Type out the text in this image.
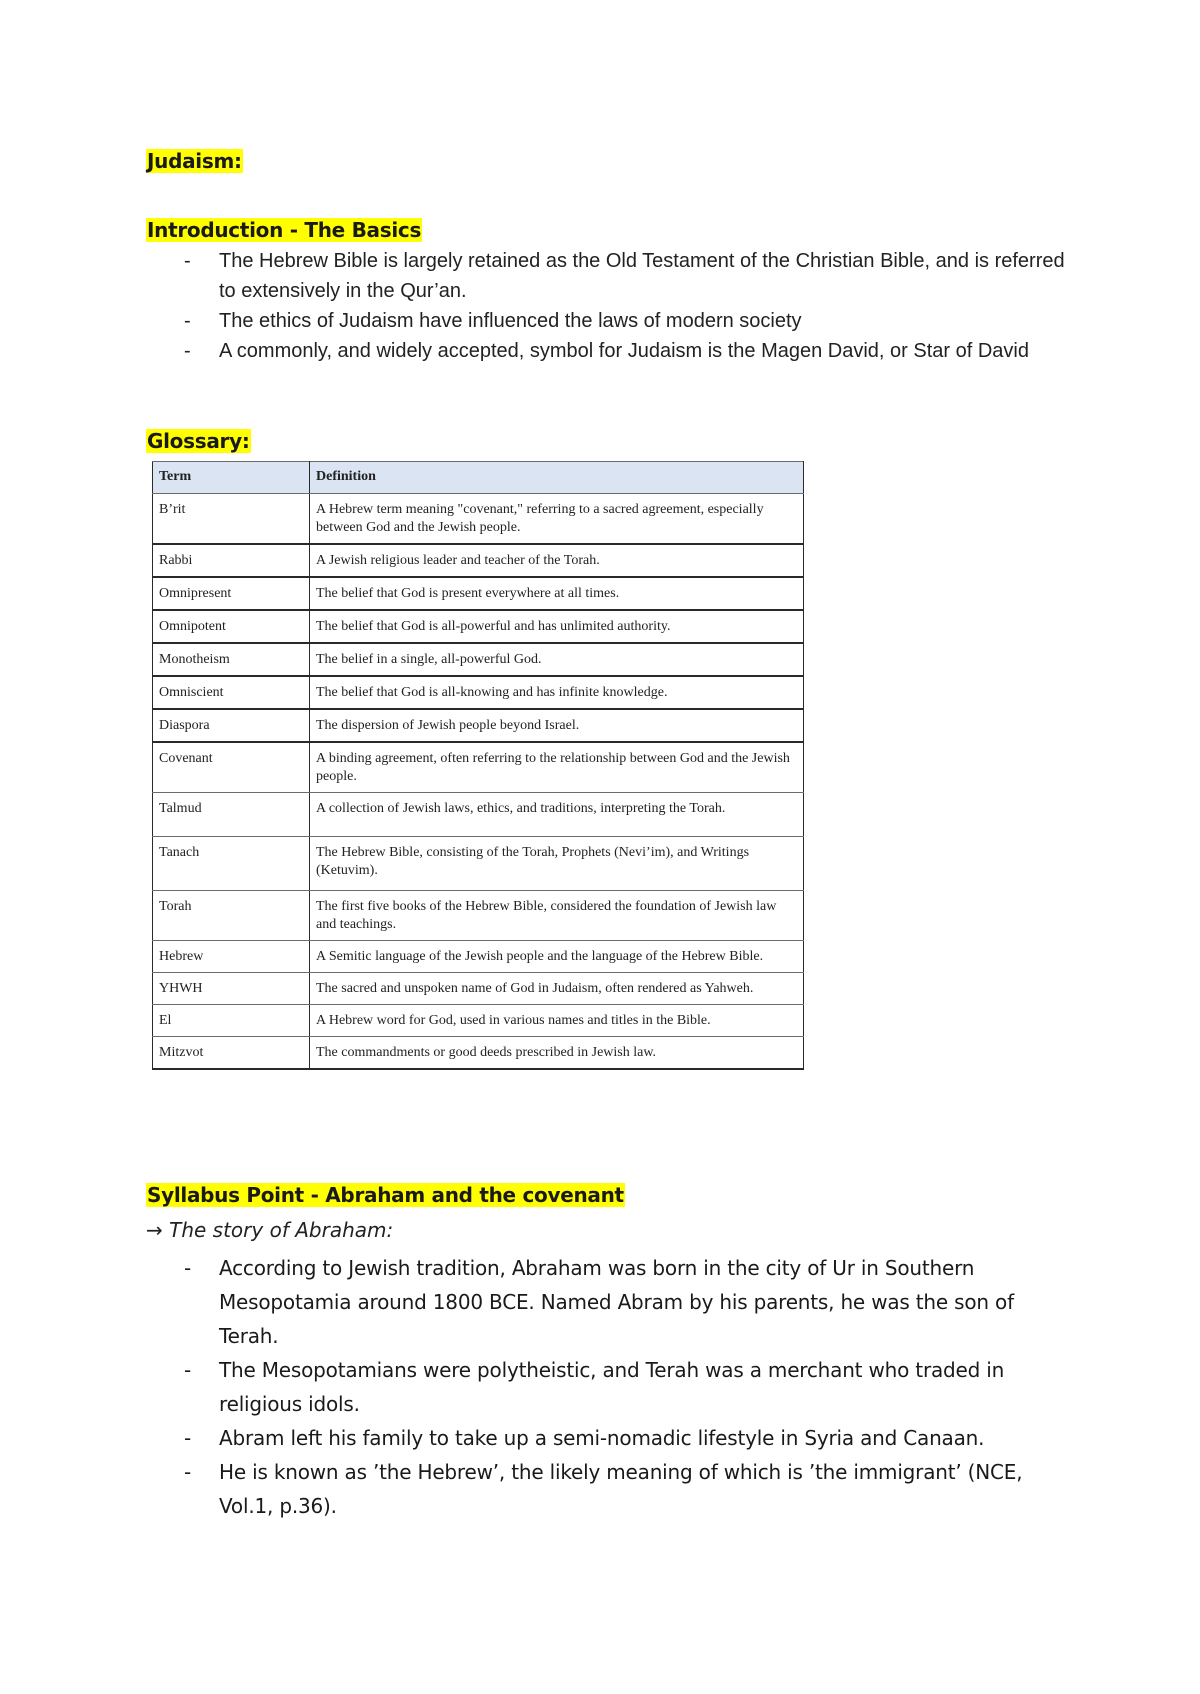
Judaism:

Introduction - The Basics

- The Hebrew Bible is largely retained as the Old Testament of the Christian Bible, and is referred to extensively in the Qur’an.
- The ethics of Judaism have influenced the laws of modern society
- A commonly, and widely accepted, symbol for Judaism is the Magen David, or Star of David

Glossary:

Term	Definition
B’rit	A Hebrew term meaning "covenant," referring to a sacred agreement, especially between God and the Jewish people.
Rabbi	A Jewish religious leader and teacher of the Torah.
Omnipresent	The belief that God is present everywhere at all times.
Omnipotent	The belief that God is all-powerful and has unlimited authority.
Monotheism	The belief in a single, all-powerful God.
Omniscient	The belief that God is all-knowing and has infinite knowledge.
Diaspora	The dispersion of Jewish people beyond Israel.
Covenant	A binding agreement, often referring to the relationship between God and the Jewish people.
Talmud	A collection of Jewish laws, ethics, and traditions, interpreting the Torah.
Tanach	The Hebrew Bible, consisting of the Torah, Prophets (Nevi’im), and Writings (Ketuvim).
Torah	The first five books of the Hebrew Bible, considered the foundation of Jewish law and teachings.
Hebrew	A Semitic language of the Jewish people and the language of the Hebrew Bible.
YHWH	The sacred and unspoken name of God in Judaism, often rendered as Yahweh.
El	A Hebrew word for God, used in various names and titles in the Bible.
Mitzvot	The commandments or good deeds prescribed in Jewish law.

Syllabus Point - Abraham and the covenant

→ The story of Abraham:
- According to Jewish tradition, Abraham was born in the city of Ur in Southern Mesopotamia around 1800 BCE. Named Abram by his parents, he was the son of Terah.
- The Mesopotamians were polytheistic, and Terah was a merchant who traded in religious idols.
- Abram left his family to take up a semi-nomadic lifestyle in Syria and Canaan.
- He is known as ’the Hebrew’, the likely meaning of which is ’the immigrant’ (NCE, Vol.1, p.36).
